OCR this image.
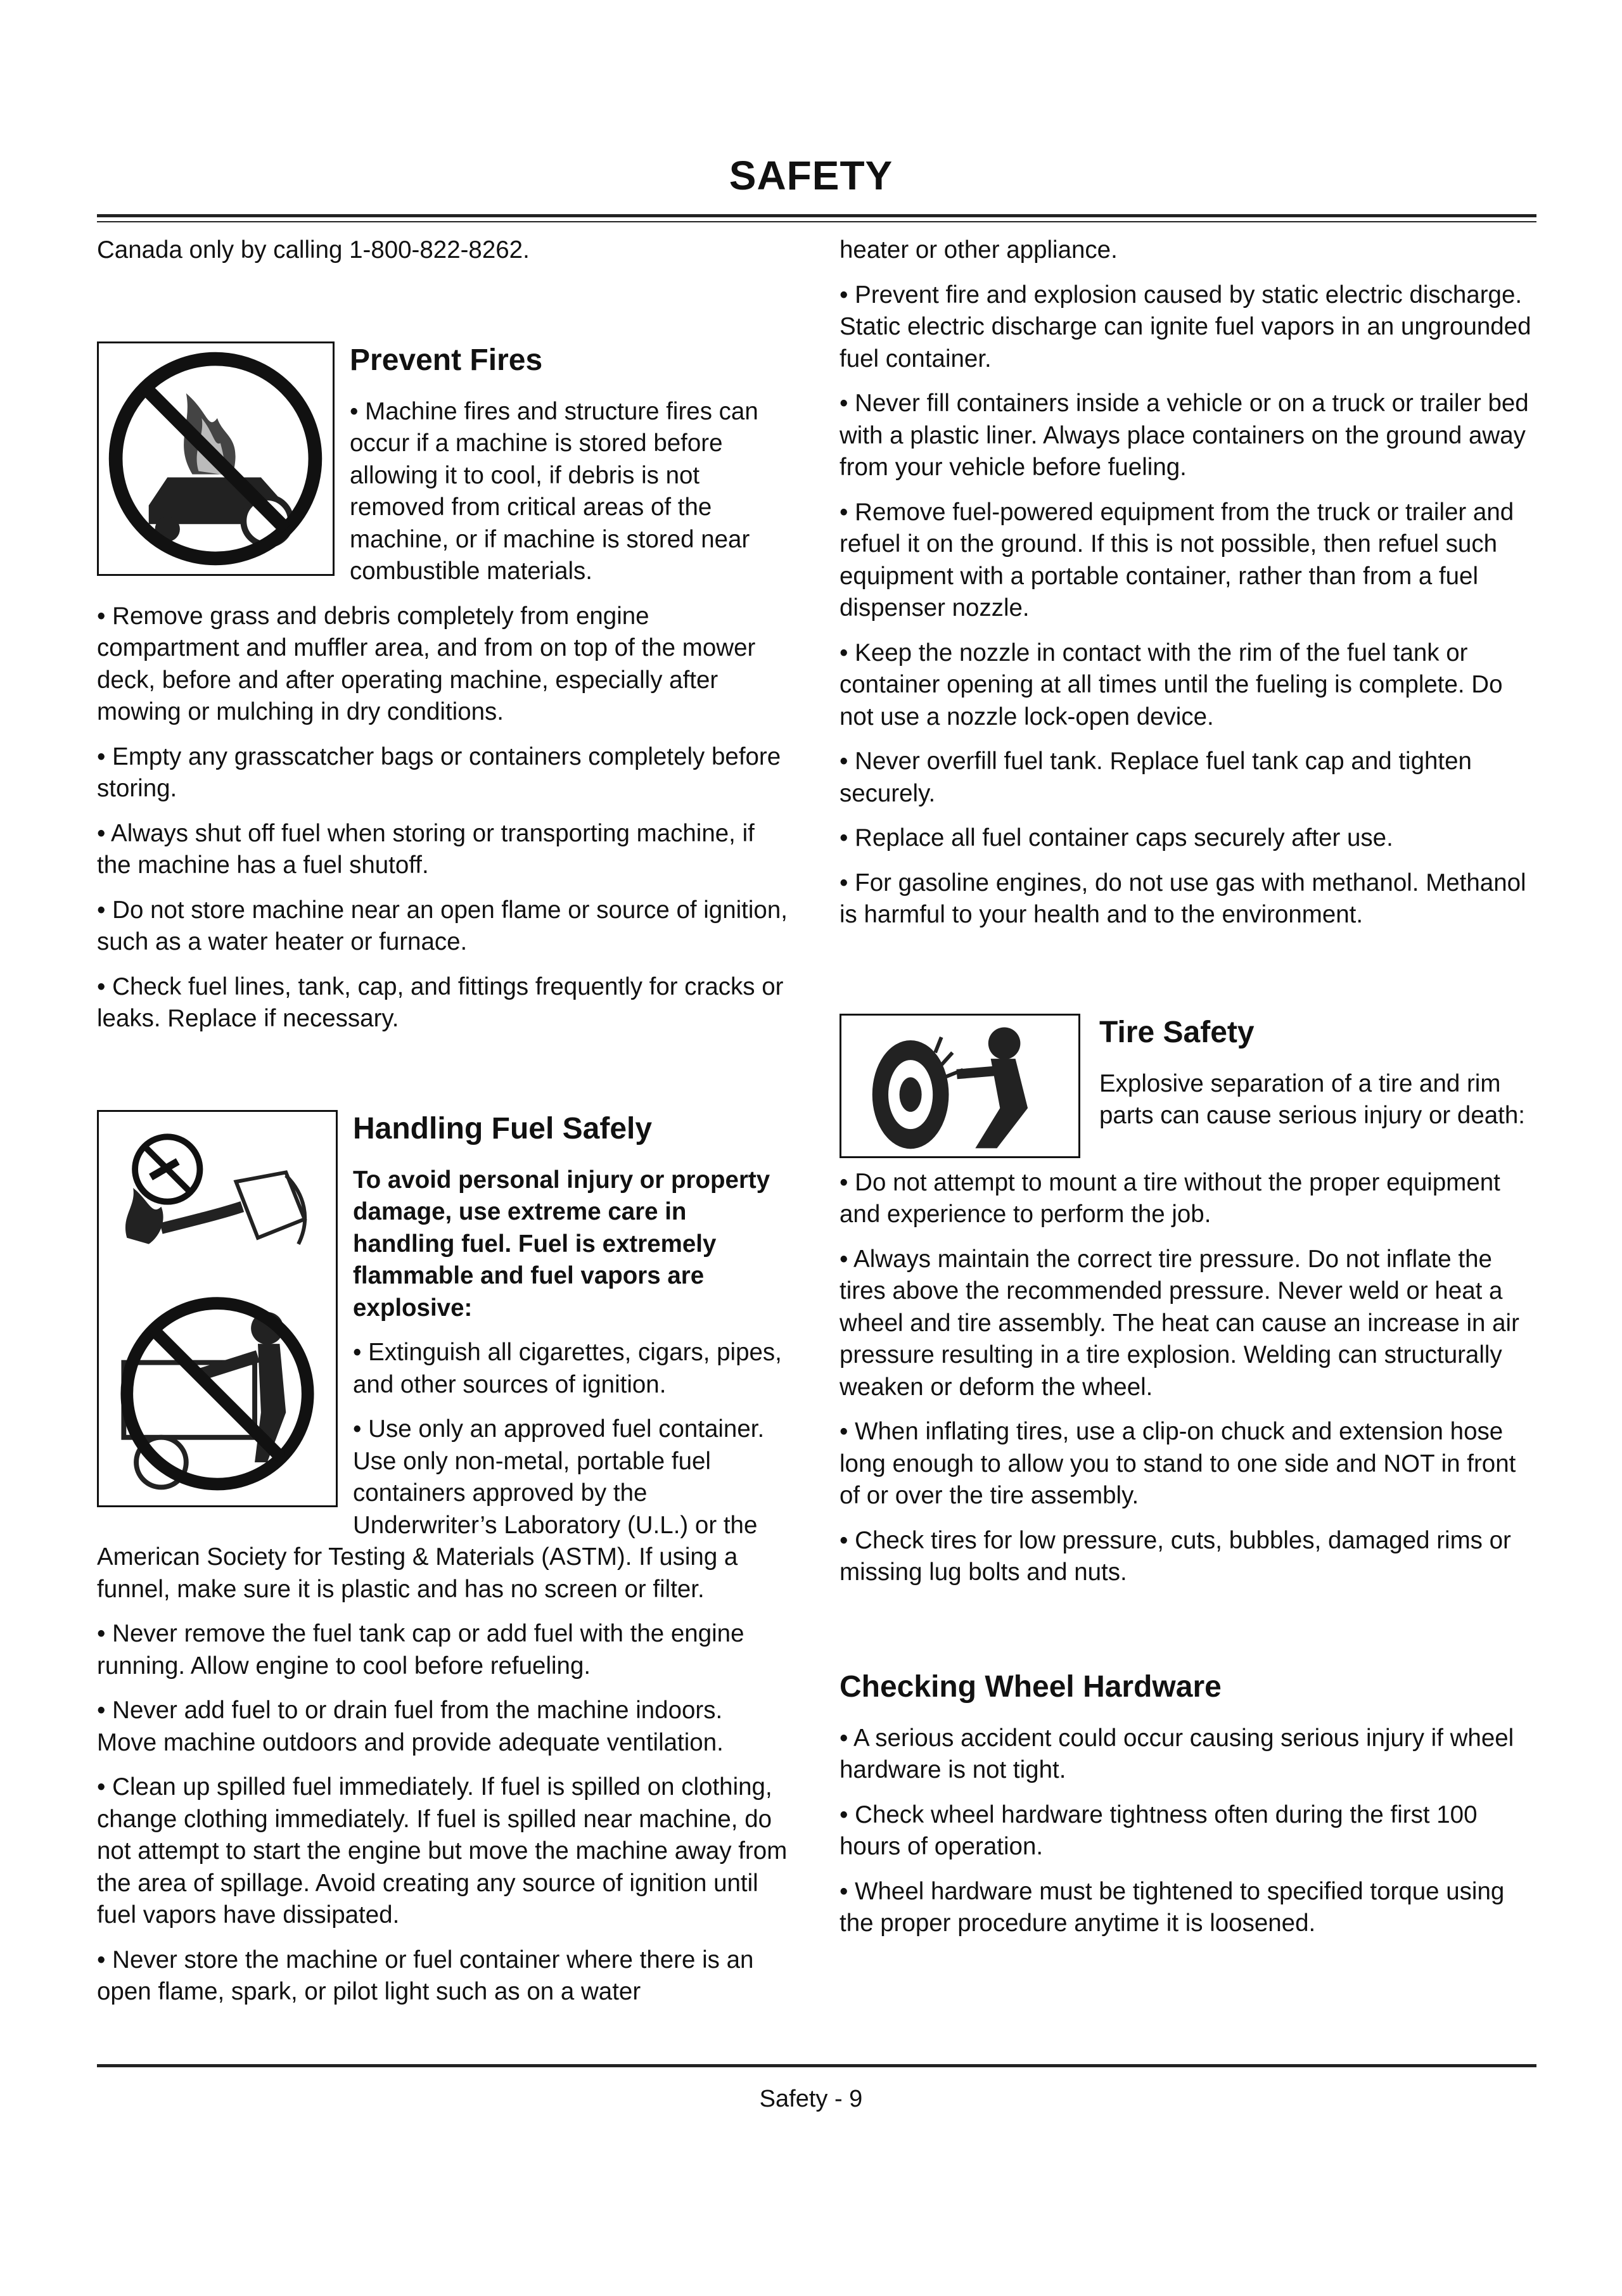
SAFETY

Canada only by calling 1-800-822-8262.

Prevent Fires

• Machine fires and structure fires can occur if a machine is stored before allowing it to cool, if debris is not removed from critical areas of the machine, or if machine is stored near combustible materials.

• Remove grass and debris completely from engine compartment and muffler area, and from on top of the mower deck, before and after operating machine, especially after mowing or mulching in dry conditions.

• Empty any grasscatcher bags or containers completely before storing.

• Always shut off fuel when storing or transporting machine, if the machine has a fuel shutoff.

• Do not store machine near an open flame or source of ignition, such as a water heater or furnace.

• Check fuel lines, tank, cap, and fittings frequently for cracks or leaks. Replace if necessary.

Handling Fuel Safely

To avoid personal injury or property damage, use extreme care in handling fuel. Fuel is extremely flammable and fuel vapors are explosive:

• Extinguish all cigarettes, cigars, pipes, and other sources of ignition.

• Use only an approved fuel container. Use only non-metal, portable fuel containers approved by the Underwriter’s Laboratory (U.L.) or the American Society for Testing & Materials (ASTM). If using a funnel, make sure it is plastic and has no screen or filter.

• Never remove the fuel tank cap or add fuel with the engine running. Allow engine to cool before refueling.

• Never add fuel to or drain fuel from the machine indoors. Move machine outdoors and provide adequate ventilation.

• Clean up spilled fuel immediately. If fuel is spilled on clothing, change clothing immediately. If fuel is spilled near machine, do not attempt to start the engine but move the machine away from the area of spillage. Avoid creating any source of ignition until fuel vapors have dissipated.

• Never store the machine or fuel container where there is an open flame, spark, or pilot light such as on a water

heater or other appliance.

• Prevent fire and explosion caused by static electric discharge. Static electric discharge can ignite fuel vapors in an ungrounded fuel container.

• Never fill containers inside a vehicle or on a truck or trailer bed with a plastic liner. Always place containers on the ground away from your vehicle before fueling.

• Remove fuel-powered equipment from the truck or trailer and refuel it on the ground. If this is not possible, then refuel such equipment with a portable container, rather than from a fuel dispenser nozzle.

• Keep the nozzle in contact with the rim of the fuel tank or container opening at all times until the fueling is complete. Do not use a nozzle lock-open device.

• Never overfill fuel tank. Replace fuel tank cap and tighten securely.

• Replace all fuel container caps securely after use.

• For gasoline engines, do not use gas with methanol. Methanol is harmful to your health and to the environment.

Tire Safety

Explosive separation of a tire and rim parts can cause serious injury or death:

• Do not attempt to mount a tire without the proper equipment and experience to perform the job.

• Always maintain the correct tire pressure. Do not inflate the tires above the recommended pressure. Never weld or heat a wheel and tire assembly. The heat can cause an increase in air pressure resulting in a tire explosion. Welding can structurally weaken or deform the wheel.

• When inflating tires, use a clip-on chuck and extension hose long enough to allow you to stand to one side and NOT in front of or over the tire assembly.

• Check tires for low pressure, cuts, bubbles, damaged rims or missing lug bolts and nuts.

Checking Wheel Hardware

• A serious accident could occur causing serious injury if wheel hardware is not tight.

• Check wheel hardware tightness often during the first 100 hours of operation.

• Wheel hardware must be tightened to specified torque using the proper procedure anytime it is loosened.

Safety - 9
